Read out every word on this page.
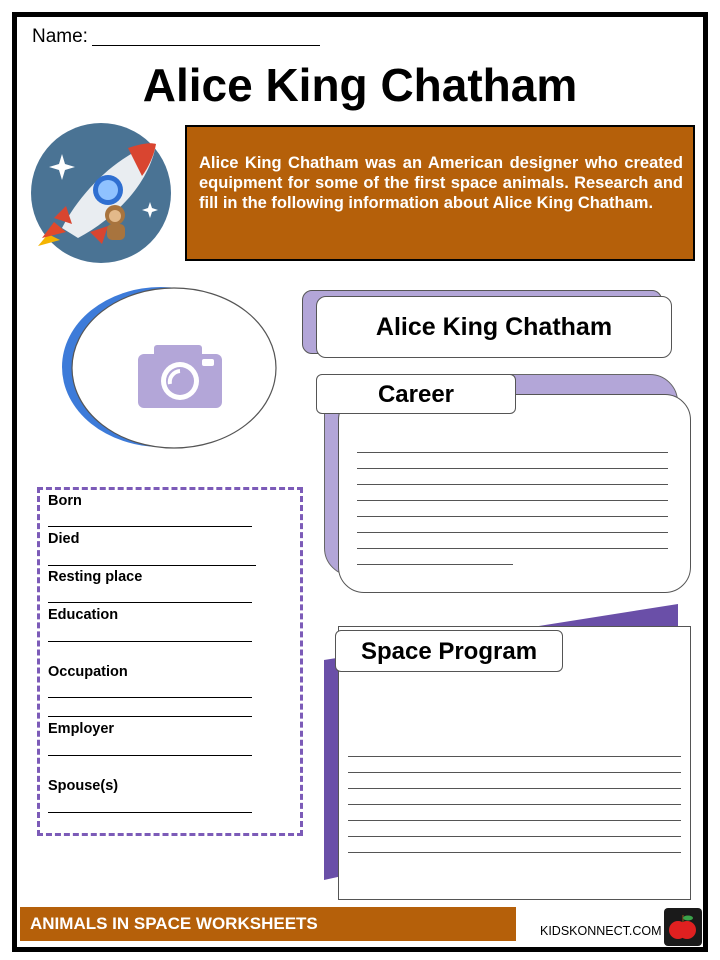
Name:
Alice King Chatham
Alice King Chatham was an American designer who created equipment for some of the first space animals. Research and fill in the following information about Alice King Chatham.
Born
Died
Resting place
Education
Occupation
Employer
Spouse(s)
Alice King Chatham
Career
Space Program
ANIMALS IN SPACE WORKSHEETS	KIDSKONNECT.COM
